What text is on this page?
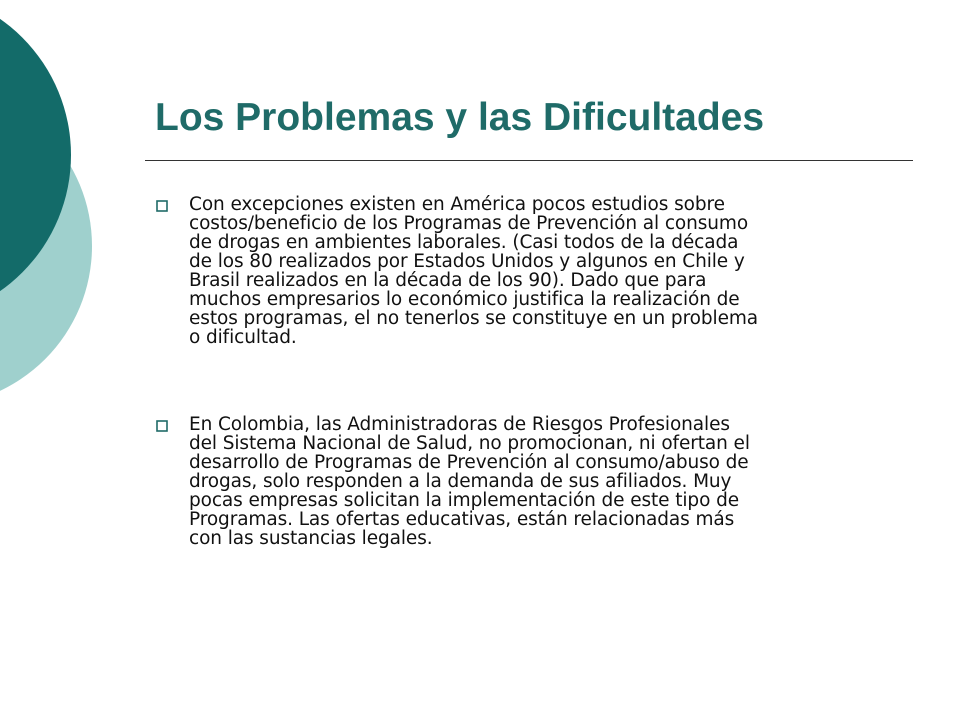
Los Problemas y las Dificultades

Con excepciones existen en América pocos estudios sobre
costos/beneficio de los Programas de Prevención al consumo
de drogas en ambientes laborales. (Casi todos de la década
de los 80 realizados por Estados Unidos y algunos en Chile y
Brasil realizados en la década de los 90). Dado que para
muchos empresarios lo económico justifica la realización de
estos programas, el no tenerlos se constituye en un problema
o dificultad.

En Colombia, las Administradoras de Riesgos Profesionales
del Sistema Nacional de Salud, no promocionan, ni ofertan el
desarrollo de Programas de Prevención al consumo/abuso de
drogas, solo responden a la demanda de sus afiliados. Muy
pocas empresas solicitan la implementación de este tipo de
Programas. Las ofertas educativas, están relacionadas más
con las sustancias legales.
